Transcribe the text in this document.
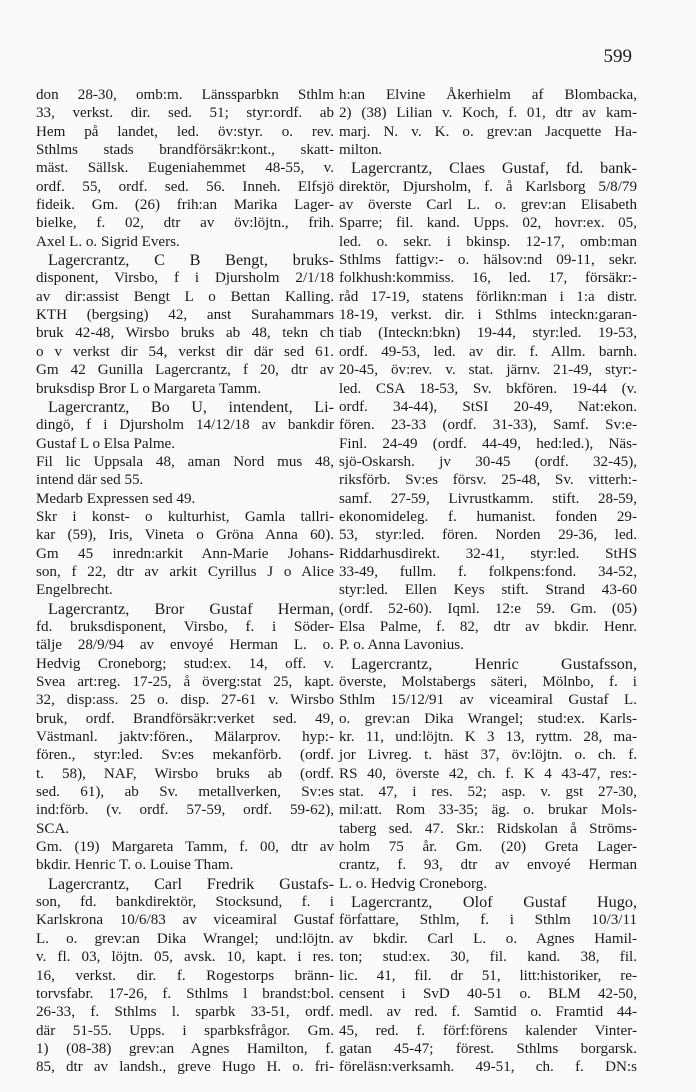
599
don 28-30, omb:m. Länssparbkn Sthlm
33, verkst. dir. sed. 51; styr:ordf. ab
Hem på landet, led. öv:styr. o. rev.
Sthlms stads brandförsäkr:kont., skatt-
mäst. Sällsk. Eugeniahemmet 48-55, v.
ordf. 55, ordf. sed. 56. Inneh. Elfsjö
fideik. Gm. (26) frih:an Marika Lager-
bielke, f. 02, dtr av öv:löjtn., frih.
Axel L. o. Sigrid Evers.
Lagercrantz, C B Bengt, bruks-
disponent, Virsbo, f i Djursholm 2/1/18
av dir:assist Bengt L o Bettan Kalling.
KTH (bergsing) 42, anst Surahammars
bruk 42-48, Wirsbo bruks ab 48, tekn ch
o v verkst dir 54, verkst dir där sed 61.
Gm 42 Gunilla Lagercrantz, f 20, dtr av
bruksdisp Bror L o Margareta Tamm.
Lagercrantz, Bo U, intendent, Li-
dingö, f i Djursholm 14/12/18 av bankdir
Gustaf L o Elsa Palme.
Fil lic Uppsala 48, aman Nord mus 48,
intend där sed 55.
Medarb Expressen sed 49.
Skr i konst- o kulturhist, Gamla tallri-
kar (59), Iris, Vineta o Gröna Anna 60).
Gm 45 inredn:arkit Ann-Marie Johans-
son, f 22, dtr av arkit Cyrillus J o Alice
Engelbrecht.
Lagercrantz, Bror Gustaf Herman,
fd. bruksdisponent, Virsbo, f. i Söder-
tälje 28/9/94 av envoyé Herman L. o.
Hedvig Croneborg; stud:ex. 14, off. v.
Svea art:reg. 17-25, å överg:stat 25, kapt.
32, disp:ass. 25 o. disp. 27-61 v. Wirsbo
bruk, ordf. Brandförsäkr:verket sed. 49,
Västmanl. jaktv:fören., Mälarprov. hyp:-
fören., styr:led. Sv:es mekanförb. (ordf.
t. 58), NAF, Wirsbo bruks ab (ordf.
sed. 61), ab Sv. metallverken, Sv:es
ind:förb. (v. ordf. 57-59, ordf. 59-62),
SCA.
Gm. (19) Margareta Tamm, f. 00, dtr av
bkdir. Henric T. o. Louise Tham.
Lagercrantz, Carl Fredrik Gustafs-
son, fd. bankdirektör, Stocksund, f. i
Karlskrona 10/6/83 av viceamiral Gustaf
L. o. grev:an Dika Wrangel; und:löjtn.
v. fl. 03, löjtn. 05, avsk. 10, kapt. i res.
16, verkst. dir. f. Rogestorps bränn-
torvsfabr. 17-26, f. Sthlms l brandst:bol.
26-33, f. Sthlms l. sparbk 33-51, ordf.
där 51-55. Upps. i sparbksfrågor. Gm.
1) (08-38) grev:an Agnes Hamilton, f.
85, dtr av landsh., greve Hugo H. o. fri-
h:an Elvine Åkerhielm af Blombacka,
2) (38) Lilian v. Koch, f. 01, dtr av kam-
marj. N. v. K. o. grev:an Jacquette Ha-
milton.
Lagercrantz, Claes Gustaf, fd. bank-
direktör, Djursholm, f. å Karlsborg 5/8/79
av överste Carl L. o. grev:an Elisabeth
Sparre; fil. kand. Upps. 02, hovr:ex. 05,
led. o. sekr. i bkinsp. 12-17, omb:man
Sthlms fattigv:- o. hälsov:nd 09-11, sekr.
folkhush:kommiss. 16, led. 17, försäkr:-
råd 17-19, statens förlikn:man i 1:a distr.
18-19, verkst. dir. i Sthlms inteckn:garan-
tiab (Inteckn:bkn) 19-44, styr:led. 19-53,
ordf. 49-53, led. av dir. f. Allm. barnh.
20-45, öv:rev. v. stat. järnv. 21-49, styr:-
led. CSA 18-53, Sv. bkfören. 19-44 (v.
ordf. 34-44), StSI 20-49, Nat:ekon.
fören. 23-33 (ordf. 31-33), Samf. Sv:e-
Finl. 24-49 (ordf. 44-49, hed:led.), Näs-
sjö-Oskarsh. jv 30-45 (ordf. 32-45),
riksförb. Sv:es försv. 25-48, Sv. vitterh:-
samf. 27-59, Livrustkamm. stift. 28-59,
ekonomideleg. f. humanist. fonden 29-
53, styr:led. fören. Norden 29-36, led.
Riddarhusdirekt. 32-41, styr:led. StHS
33-49, fullm. f. folkpens:fond. 34-52,
styr:led. Ellen Keys stift. Strand 43-60
(ordf. 52-60). Iqml. 12:e 59. Gm. (05)
Elsa Palme, f. 82, dtr av bkdir. Henr.
P. o. Anna Lavonius.
Lagercrantz, Henric Gustafsson,
överste, Molstabergs säteri, Mölnbo, f. i
Sthlm 15/12/91 av viceamiral Gustaf L.
o. grev:an Dika Wrangel; stud:ex. Karls-
kr. 11, und:löjtn. K 3 13, ryttm. 28, ma-
jor Livreg. t. häst 37, öv:löjtn. o. ch. f.
RS 40, överste 42, ch. f. K 4 43-47, res:-
stat. 47, i res. 52; asp. v. gst 27-30,
mil:att. Rom 33-35; äg. o. brukar Mols-
taberg sed. 47. Skr.: Ridskolan å Ströms-
holm 75 år. Gm. (20) Greta Lager-
crantz, f. 93, dtr av envoyé Herman
L. o. Hedvig Croneborg.
Lagercrantz, Olof Gustaf Hugo,
författare, Sthlm, f. i Sthlm 10/3/11
av bkdir. Carl L. o. Agnes Hamil-
ton; stud:ex. 30, fil. kand. 38, fil.
lic. 41, fil. dr 51, litt:historiker, re-
censent i SvD 40-51 o. BLM 42-50,
medl. av red. f. Samtid o. Framtid 44-
45, red. f. förf:förens kalender Vinter-
gatan 45-47; förest. Sthlms borgarsk.
föreläsn:verksamh. 49-51, ch. f. DN:s
